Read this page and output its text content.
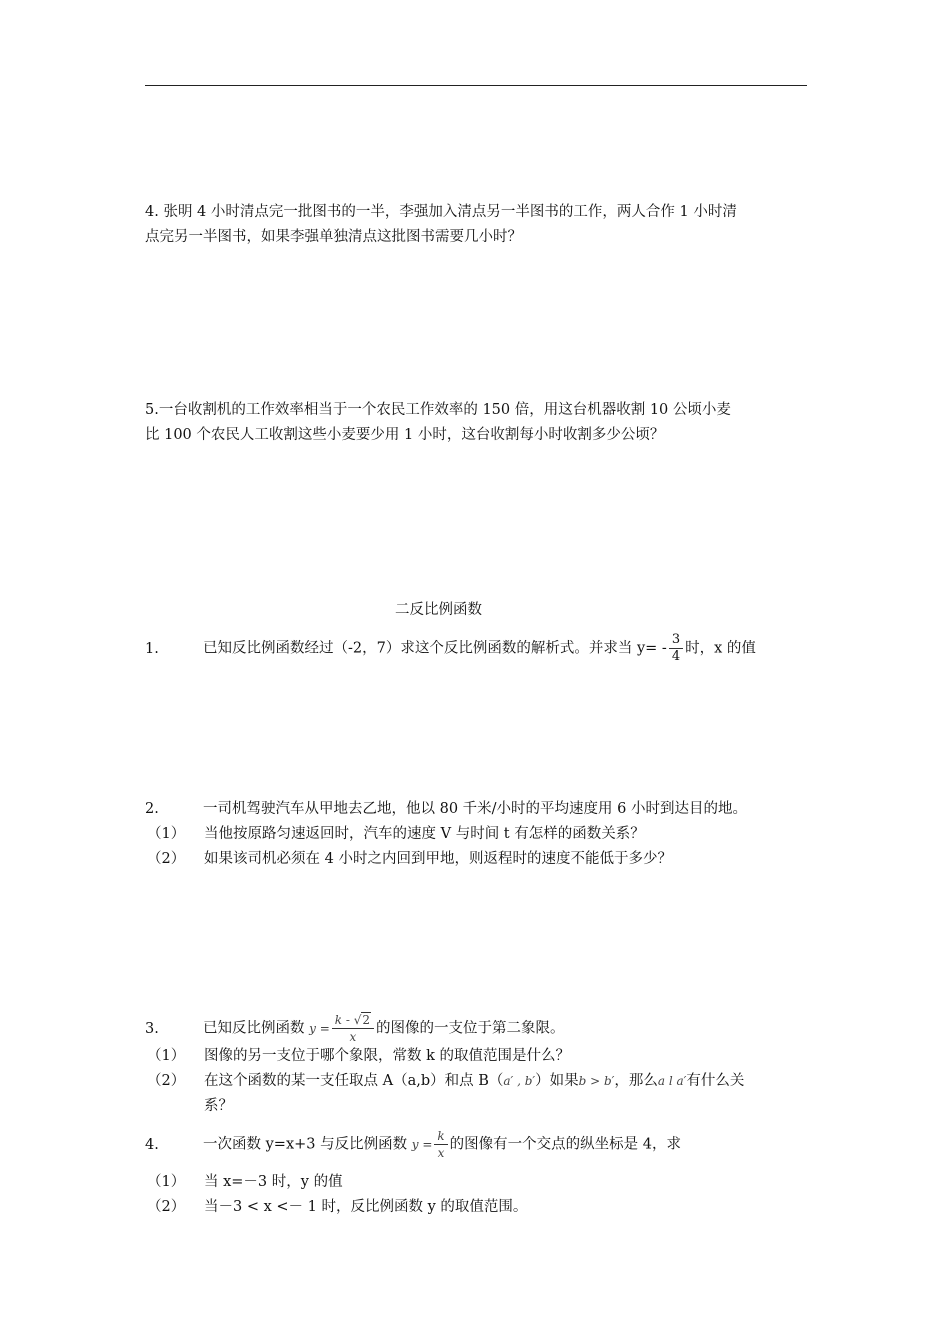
4. 张明 4 小时清点完一批图书的一半，李强加入清点另一半图书的工作，两人合作 1 小时清
点完另一半图书，如果李强单独清点这批图书需要几小时？
5.一台收割机的工作效率相当于一个农民工作效率的 150 倍，用这台机器收割 10 公顷小麦
比 100 个农民人工收割这些小麦要少用 1 小时，这台收割每小时收割多少公顷？
二反比例函数
1.	已知反比例函数经过（-2，7）求这个反比例函数的解析式。并求当 $y= - \frac{3}{4}$ 时，x 的值
2.	一司机驾驶汽车从甲地去乙地，他以 80 千米/小时的平均速度用 6 小时到达目的地。
（1） 当他按原路匀速返回时，汽车的速度 V 与时间 t 有怎样的函数关系？
（2） 如果该司机必须在 4 小时之内回到甲地，则返程时的速度不能低于多少？
3.	已知反比例函数 $y = \frac{k - √2}{x}$ 的图像的一支位于第二象限。
（1） 图像的另一支位于哪个象限，常数 k 的取值范围是什么？
（2） 在这个函数的某一支任取点 A（a,b）和点 B（a′ , b′）如果b > b′，那么a ⅼ a′有什么关
系？
4.	一次函数 y=x+3 与反比例函数 $y = \frac{k}{x}$ 的图像有一个交点的纵坐标是 4，求
（1） 当 x=－3 时，y 的值
（2） 当－3 < x <－ 1 时，反比例函数 y 的取值范围。
